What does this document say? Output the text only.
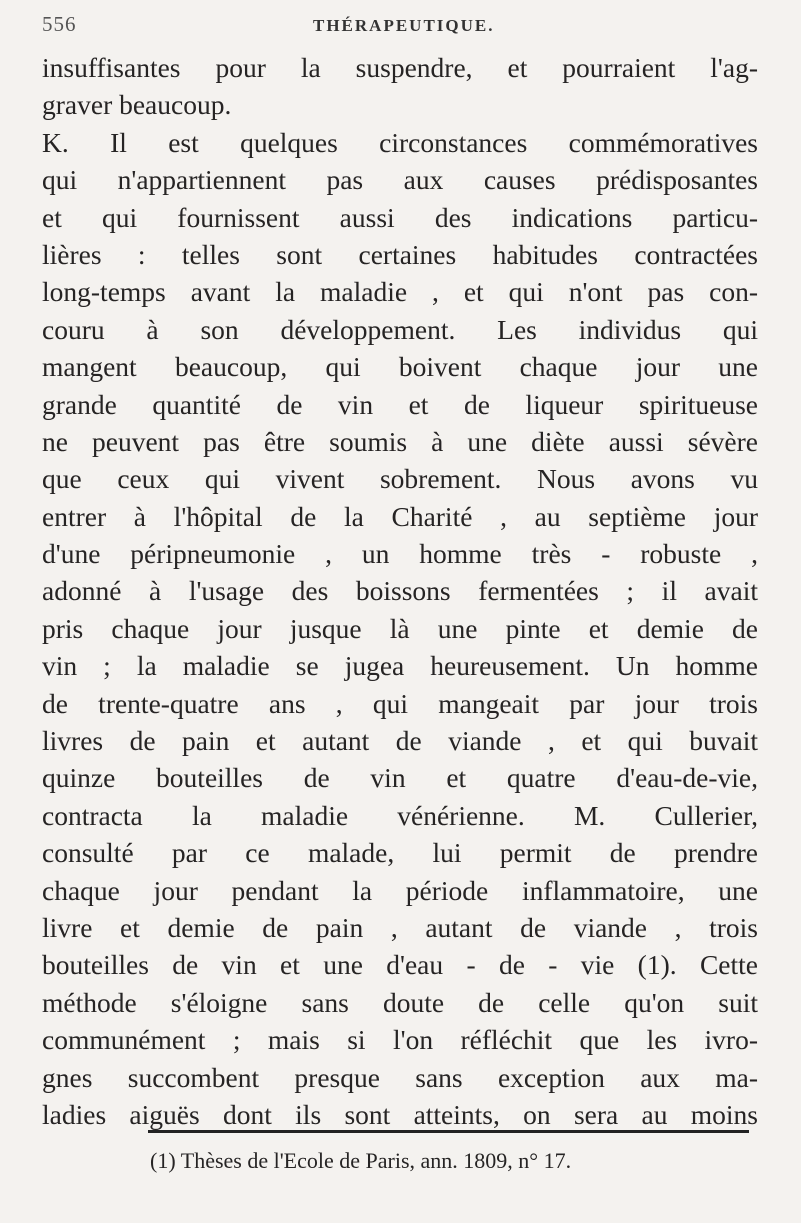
556	THÉRAPEUTIQUE.
insuffisantes pour la suspendre, et pourraient l'ag-
graver beaucoup.
K. Il est quelques circonstances commémoratives
qui n'appartiennent pas aux causes prédisposantes
et qui fournissent aussi des indications particu-
lières : telles sont certaines habitudes contractées
long-temps avant la maladie , et qui n'ont pas con-
couru à son développement. Les individus qui
mangent beaucoup, qui boivent chaque jour une
grande quantité de vin et de liqueur spiritueuse
ne peuvent pas être soumis à une diète aussi sévère
que ceux qui vivent sobrement. Nous avons vu
entrer à l'hôpital de la Charité , au septième jour
d'une péripneumonie , un homme très - robuste ,
adonné à l'usage des boissons fermentées ; il avait
pris chaque jour jusque là une pinte et demie de
vin ; la maladie se jugea heureusement. Un homme
de trente-quatre ans , qui mangeait par jour trois
livres de pain et autant de viande , et qui buvait
quinze bouteilles de vin et quatre d'eau-de-vie,
contracta la maladie vénérienne. M. Cullerier,
consulté par ce malade, lui permit de prendre
chaque jour pendant la période inflammatoire, une
livre et demie de pain , autant de viande , trois
bouteilles de vin et une d'eau - de - vie (1). Cette
méthode s'éloigne sans doute de celle qu'on suit
communément ; mais si l'on réfléchit que les ivro-
gnes succombent presque sans exception aux ma-
ladies aiguës dont ils sont atteints, on sera au moins
(1) Thèses de l'Ecole de Paris, ann. 1809, n° 17.
